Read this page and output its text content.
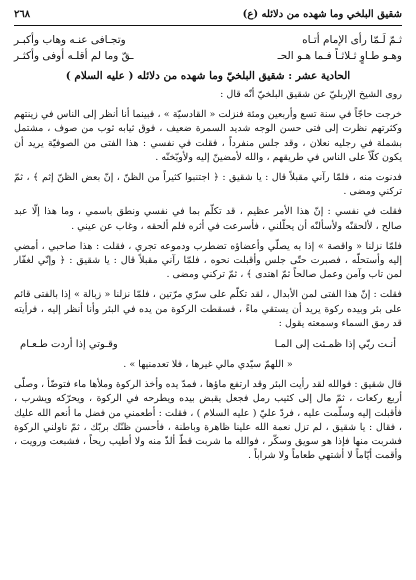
شقيق البلخي وما شهده من دلائله (ع)
٢٦٨
ثـمّ لَـمّا رأى الإمام أتـاه
وتجـافى عنـه وهاب وأكبـر
وهـو طـاوٍ ثـلاثـاً فـما هـو الحـ
ـقّ وما لم أقلـه أوفى وأكثـر
الحادية عشر : شقيق البلخيّ وما شهده من دلائله ( عليه السلام )

روى الشيخ الإربليّ عن شقيق البلخيّ أنّه قال :

خرجت حاجّاً في سنة تسع وأربعين ومئة فنزلت « القادسيّة » ، فبينما أنا أنظر إلى الناس في زينتهم وكثرتهم نظرت إلى فتى حسن الوجه شديد السمرة ضعيف ، فوق ثيابه ثوب من صوف ، مشتمل بشملة في رجليه نعلان ، وقد جلس منفرداً ، فقلت في نفسي : هذا الفتى من الصوفيّة يريد أن يكون كلّاً على الناس في طريقهم ، والله لأمضينّ إليه ولأوبّخنّه .

فدنوت منه ، فلمّا رآني مقبلاً قال : يا شقيق : ﴿ اجتنبوا كثيراً من الظنّ ، إنّ بعض الظنّ إثم ﴾ ، ثمّ تركني ومضى .

فقلت في نفسي : إنّ هذا الأمر عظيم ، قد تكلّم بما في نفسي ونطق باسمي ، وما هذا إلّا عبد صالح ، لألحقنّه ولأسألنّه أن يحلّلني ، فأسرعت في أثره فلم ألحقه ، وغاب عن عيني .

فلمّا نزلنا « واقصة » إذا به يصلّي وأعضاؤه تضطرب ودموعه تجري ، فقلت : هذا صاحبي ، أمضي إليه وأستحلّه ، فصبرت حتّى جلس وأقبلت نحوه ، فلمّا رآني مقبلاً قال : يا شقيق : ﴿ وإنّي لغفّار لمن تاب وآمن وعمل صالحاً ثمّ اهتدى ﴾ ، ثمّ تركني ومضى .

فقلت : إنّ هذا الفتى لمن الأبدال ، لقد تكلّم على سرّي مرّتين ، فلمّا نزلنا « زبالة » إذا بالفتى قائم على بئر وبيده ركوة يريد أن يستقي ماءً ، فسقطت الركوة من يده في البئر وأنا أنظر إليه ، فرأيته قد رمق السماء وسمعته يقول :

أنـت ربّي إذا ظمـئت إلى المـا
وقـوتي إذا أردت طـعـام

« اللهمّ سيّدي مالي غيرها ، فلا تعدمنيها » .

قال شقيق : فوالله لقد رأيت البئر وقد ارتفع ماؤها ، فمدّ يده وأخذ الركوة وملأها ماء فتوضّأ ، وصلّى أربع ركعات ، ثمّ مال إلى كثيب رمل فجعل يقبض بيده ويطرحه في الركوة ، ويحرّكه ويشرب ، فأقبلت إليه وسلّمت عليه ، فردّ عليّ ( عليه السلام ) ، فقلت : أطعمني من فضل ما أنعم الله عليك ، فقال : يا شقيق ، لم تزل نعمة الله علينا ظاهرة وباطنة ، فأحسن ظنّك بربّك ، ثمّ ناولني الركوة فشربت منها فإذا هو سويق وسكّر ، فوالله ما شربت قطّ ألذّ منه ولا أطيب ريحاً ، فشبعت ورويت ، وأقمت أيّاماً لا أشتهي طعاماً ولا شراباً .
